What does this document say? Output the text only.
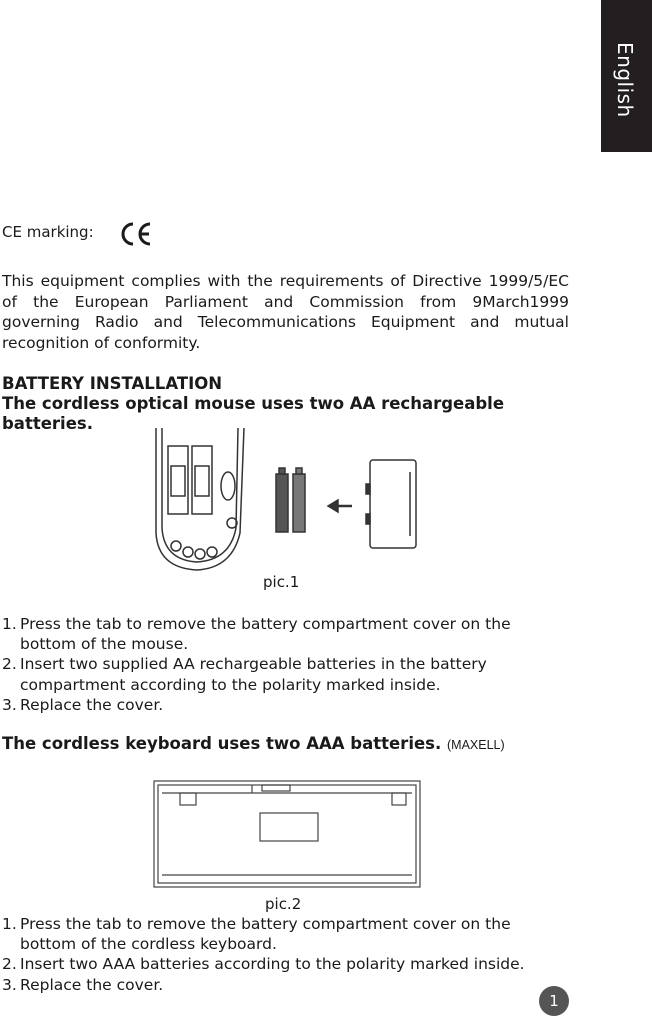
English
CE marking:
This equipment complies with the requirements of Directive 1999/5/EC of the European Parliament and Commission from 9March1999 governing Radio and Telecommunications Equipment and mutual recognition of conformity.
BATTERY INSTALLATION
The cordless optical mouse uses two AA rechargeable batteries.
pic.1
1. Press the tab to remove the battery compartment cover on the
bottom of the mouse.
2. Insert two supplied AA rechargeable batteries in the battery
compartment according to the polarity marked inside.
3. Replace the cover.
The cordless keyboard uses two AAA batteries. (MAXELL)
pic.2
1. Press the tab to remove the battery compartment cover on the
bottom of the cordless keyboard.
2. Insert two AAA batteries according to the polarity marked inside.
3. Replace the cover.
1
